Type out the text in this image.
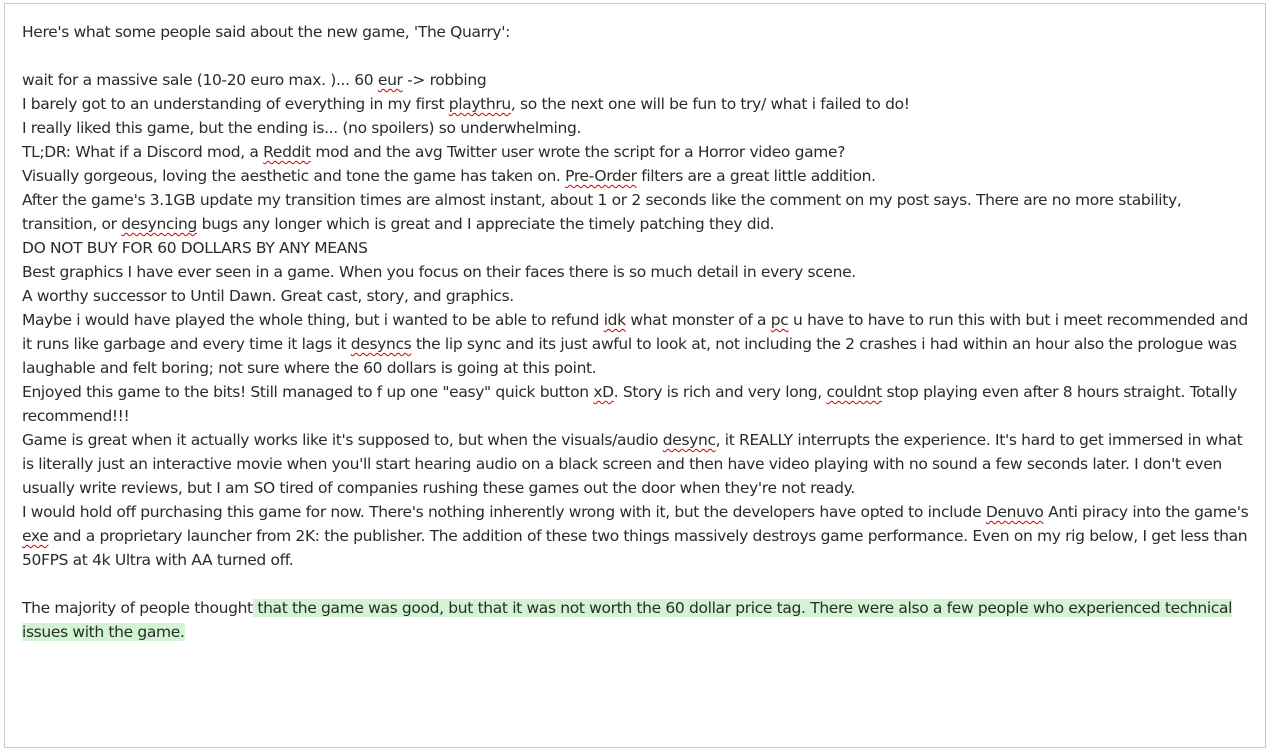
Here's what some people said about the new game, 'The Quarry':

wait for a massive sale (10-20 euro max. )... 60 eur -> robbing

I barely got to an understanding of everything in my first playthru, so the next one will be fun to try/ what i failed to do!

I really liked this game, but the ending is... (no spoilers) so underwhelming.

TL;DR: What if a Discord mod, a Reddit mod and the avg Twitter user wrote the script for a Horror video game?

Visually gorgeous, loving the aesthetic and tone the game has taken on. Pre-Order filters are a great little addition.

After the game's 3.1GB update my transition times are almost instant, about 1 or 2 seconds like the comment on my post says. There are no more stability, transition, or desyncing bugs any longer which is great and I appreciate the timely patching they did.

DO NOT BUY FOR 60 DOLLARS BY ANY MEANS

Best graphics I have ever seen in a game. When you focus on their faces there is so much detail in every scene.

A worthy successor to Until Dawn. Great cast, story, and graphics.

Maybe i would have played the whole thing, but i wanted to be able to refund idk what monster of a pc u have to have to run this with but i meet recommended and it runs like garbage and every time it lags it desyncs the lip sync and its just awful to look at, not including the 2 crashes i had within an hour also the prologue was laughable and felt boring; not sure where the 60 dollars is going at this point.

Enjoyed this game to the bits! Still managed to f up one "easy" quick button xD. Story is rich and very long, couldnt stop playing even after 8 hours straight. Totally recommend!!!

Game is great when it actually works like it's supposed to, but when the visuals/audio desync, it REALLY interrupts the experience. It's hard to get immersed in what is literally just an interactive movie when you'll start hearing audio on a black screen and then have video playing with no sound a few seconds later. I don't even usually write reviews, but I am SO tired of companies rushing these games out the door when they're not ready.

I would hold off purchasing this game for now. There's nothing inherently wrong with it, but the developers have opted to include Denuvo Anti piracy into the game's exe and a proprietary launcher from 2K: the publisher. The addition of these two things massively destroys game performance. Even on my rig below, I get less than 50FPS at 4k Ultra with AA turned off.

The majority of people thought that the game was good, but that it was not worth the 60 dollar price tag. There were also a few people who experienced technical issues with the game.
